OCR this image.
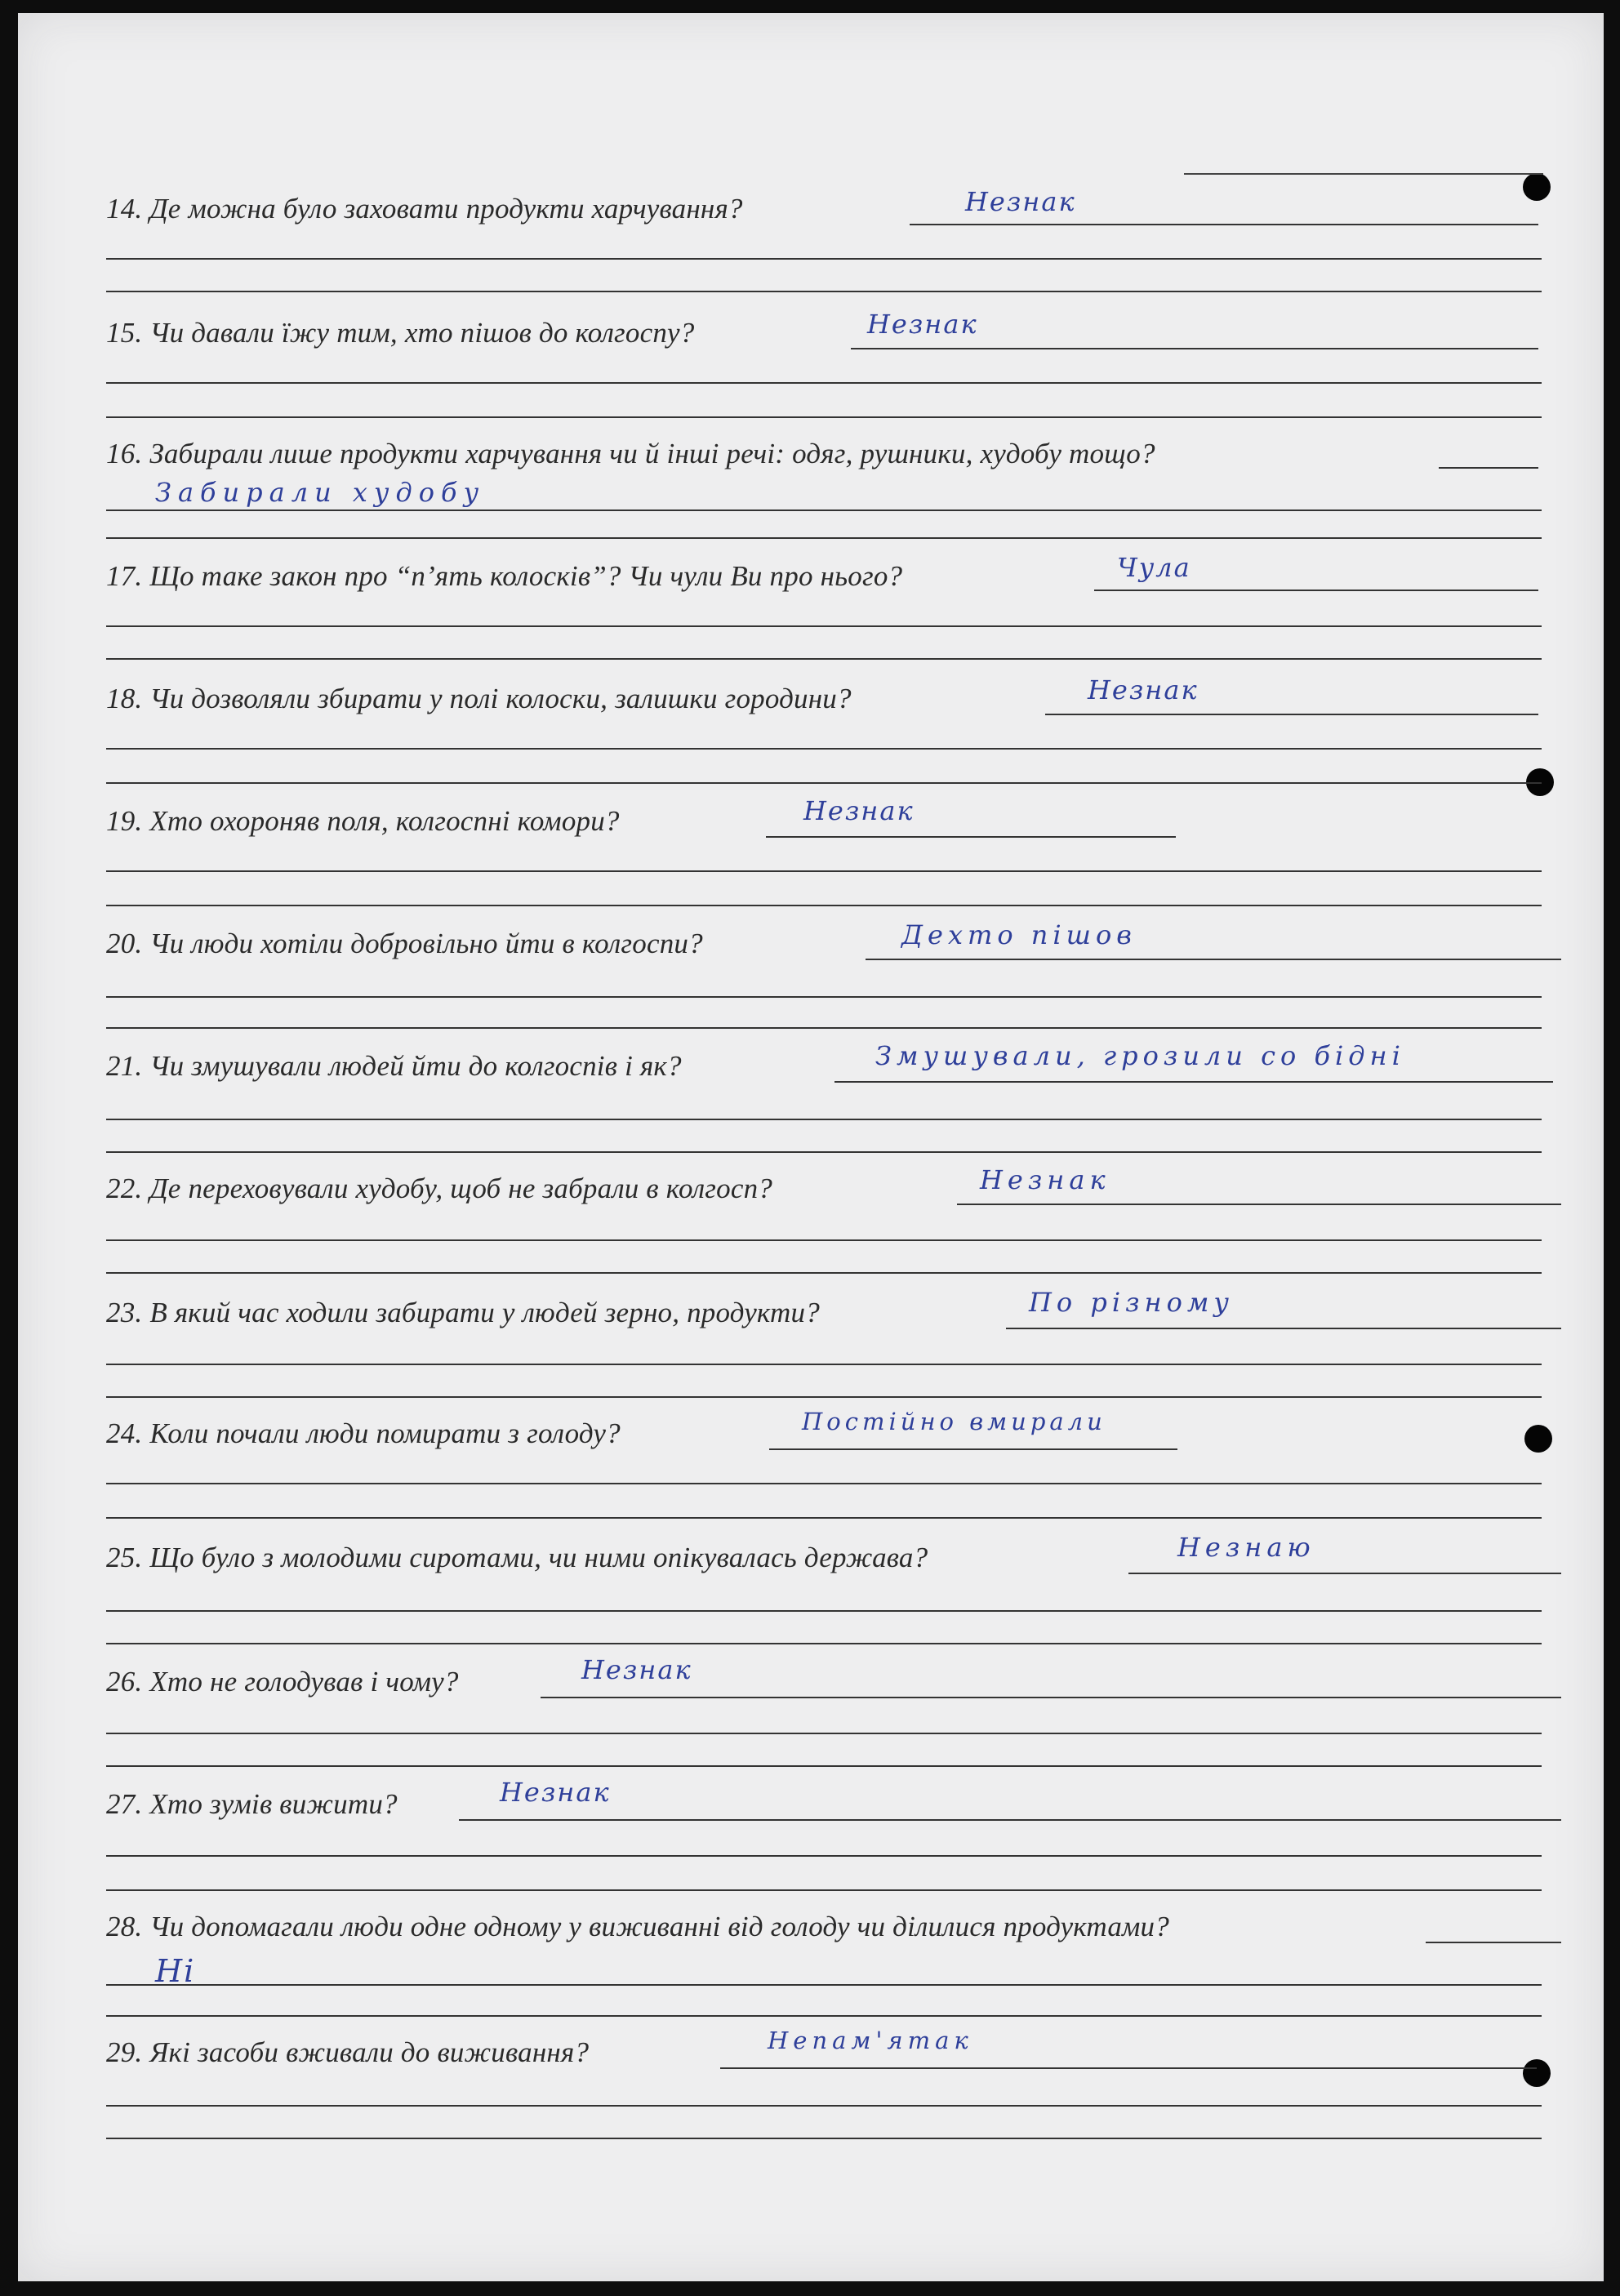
14. Де можна було заховати продукти харчування?	Незнак
15. Чи давали їжу тим, хто пішов до колгоспу?	Незнак
16. Забирали лише продукти харчування чи й інші речі: одяг, рушники, худобу тощо?
Забирали худобу
17. Що таке закон про “п’ять колосків”? Чи чули Ви про нього?	Чула
18. Чи дозволяли збирати у полі колоски, залишки городини?	Незнак
19. Хто охороняв поля, колгоспні комори?	Незнак
20. Чи люди хотіли добровільно йти в колгоспи?	Дехто пішов
21. Чи змушували людей йти до колгоспів і як?	Змушували, грозили со бідні
22. Де переховували худобу, щоб не забрали в колгосп?	Незнак
23. В який час ходили забирати у людей зерно, продукти?	По різному
24. Коли почали люди помирати з голоду?	Постійно вмирали
25. Що було з молодими сиротами, чи ними опікувалась держава?	Незнаю
26. Хто не голодував і чому?	Незнак
27. Хто зумів вижити?	Незнак
28. Чи допомагали люди одне одному у виживанні від голоду чи ділилися продуктами?
Ні
29. Які засоби вживали до виживання?	Непам'ятак
